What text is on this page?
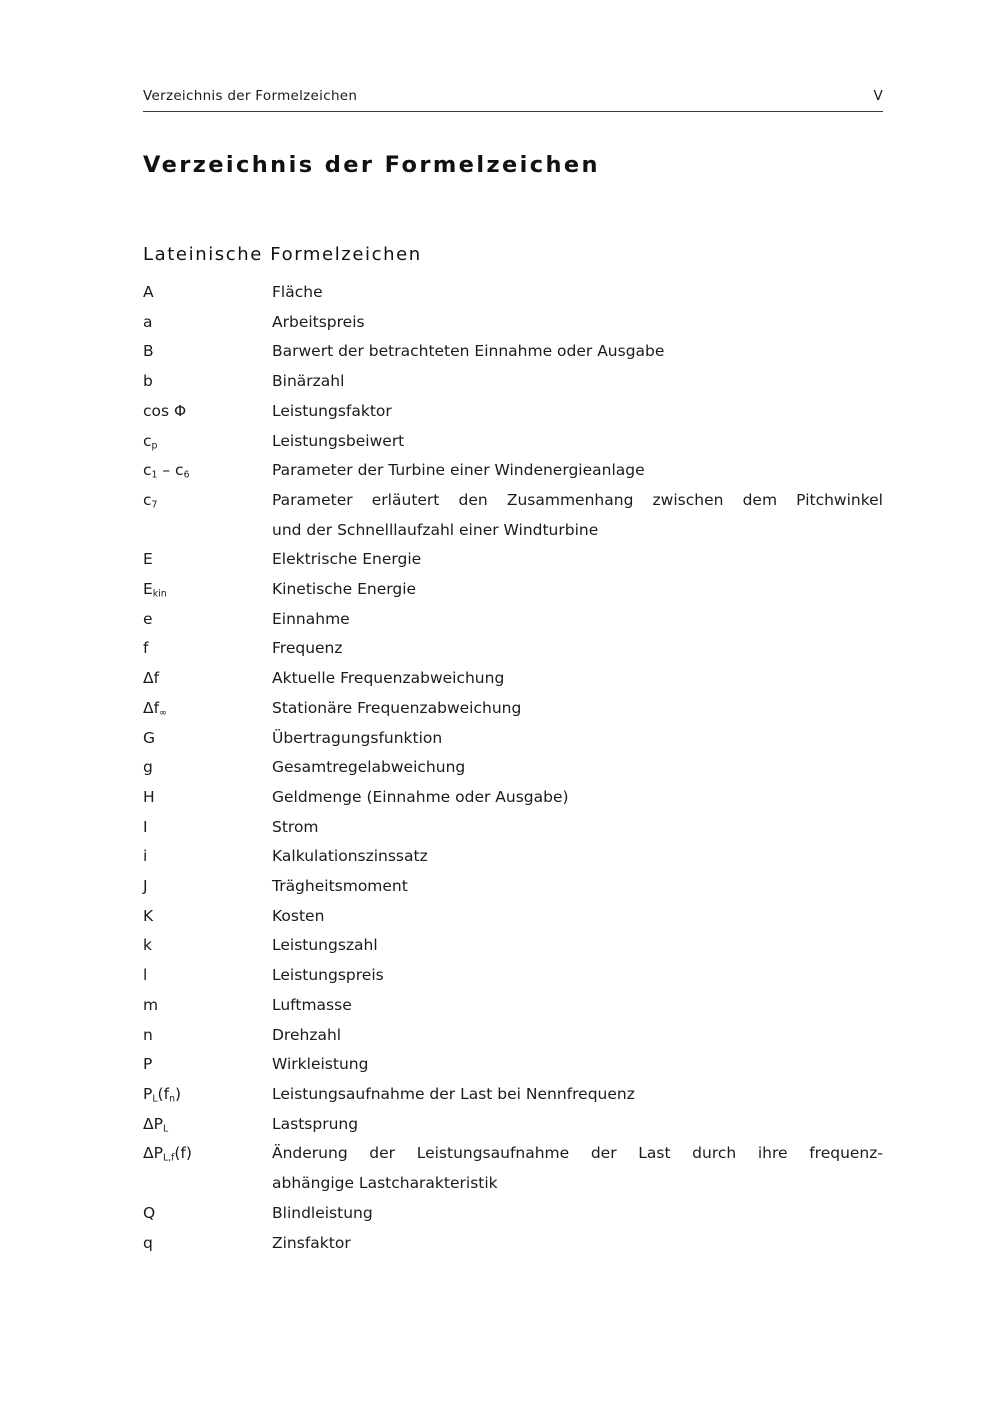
Verzeichnis der Formelzeichen	V
Verzeichnis der Formelzeichen
Lateinische Formelzeichen
A	Fläche
a	Arbeitspreis
B	Barwert der betrachteten Einnahme oder Ausgabe
b	Binärzahl
cos Φ	Leistungsfaktor
$c_p$	Leistungsbeiwert
$c_1 - c_6$	Parameter der Turbine einer Windenergieanlage
$c_7$	Parameter erläutert den Zusammenhang zwischen dem Pitchwinkel
und der Schnelllaufzahl einer Windturbine
E	Elektrische Energie
$E_{kin}$	Kinetische Energie
e	Einnahme
f	Frequenz
Δf	Aktuelle Frequenzabweichung
$\Delta f_\infty$	Stationäre Frequenzabweichung
G	Übertragungsfunktion
g	Gesamtregelabweichung
H	Geldmenge (Einnahme oder Ausgabe)
I	Strom
i	Kalkulationszinssatz
J	Trägheitsmoment
K	Kosten
k	Leistungszahl
l	Leistungspreis
m	Luftmasse
n	Drehzahl
P	Wirkleistung
$P_L(f_n)$	Leistungsaufnahme der Last bei Nennfrequenz
$\Delta P_L$	Lastsprung
$\Delta P_{L,f}(f)$	Änderung der Leistungsaufnahme der Last durch ihre frequenz-
abhängige Lastcharakteristik
Q	Blindleistung
q	Zinsfaktor
